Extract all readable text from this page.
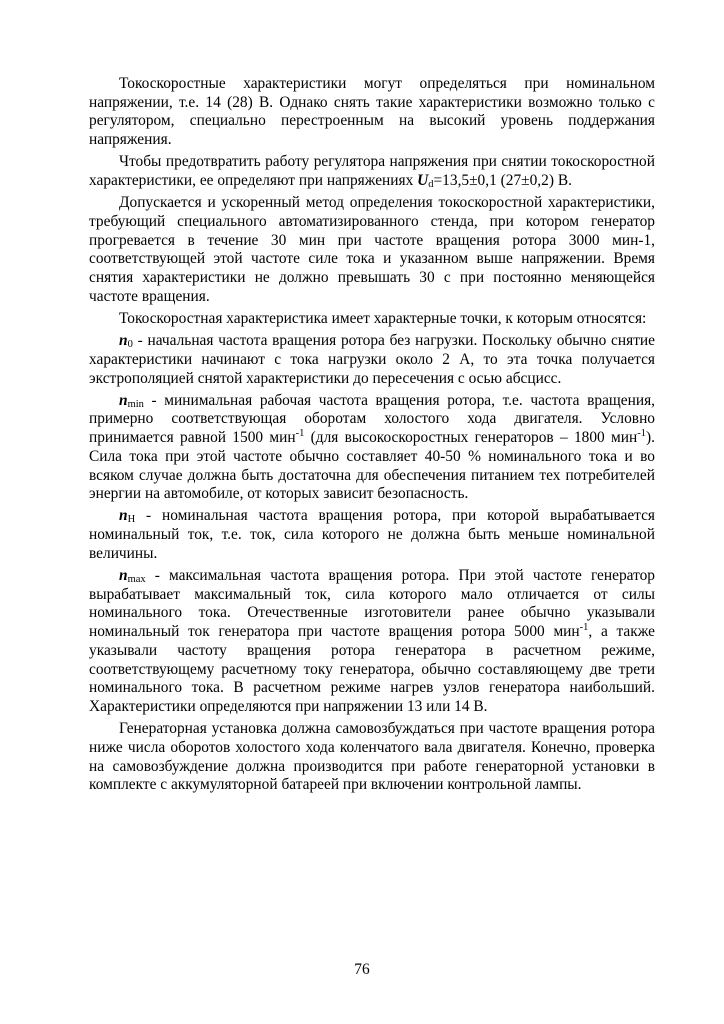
Токоскоростные характеристики могут определяться при номинальном напряжении, т.е. 14 (28) В. Однако снять такие характеристики возможно только с регулятором, специально перестроенным на высокий уровень поддержания напряжения.

Чтобы предотвратить работу регулятора напряжения при снятии токоскоростной характеристики, ее определяют при напряжениях $U_d=13,5\pm 0,1$ (27±0,2) В.

Допускается и ускоренный метод определения токоскоростной характеристики, требующий специального автоматизированного стенда, при котором генератор прогревается в течение 30 мин при частоте вращения ротора 3000 мин-1, соответствующей этой частоте силе тока и указанном выше напряжении. Время снятия характеристики не должно превышать 30 с при постоянно меняющейся частоте вращения.

Токоскоростная характеристика имеет характерные точки, к которым относятся:

$n_0$ - начальная частота вращения ротора без нагрузки. Поскольку обычно снятие характеристики начинают с тока нагрузки около 2 А, то эта точка получается экстрополяцией снятой характеристики до пересечения с осью абсцисс.

$n_{min}$ - минимальная рабочая частота вращения ротора, т.е. частота вращения, примерно соответствующая оборотам холостого хода двигателя. Условно принимается равной 1500 мин$^{-1}$ (для высокоскоростных генераторов – 1800 мин$^{-1}$). Сила тока при этой частоте обычно составляет 40-50 % номинального тока и во всяком случае должна быть достаточна для обеспечения питанием тех потребителей энергии на автомобиле, от которых зависит безопасность.

$n_Н$ - номинальная частота вращения ротора, при которой вырабатывается номинальный ток, т.е. ток, сила которого не должна быть меньше номинальной величины.

$n_{max}$ - максимальная частота вращения ротора. При этой частоте генератор вырабатывает максимальный ток, сила которого мало отличается от силы номинального тока. Отечественные изготовители ранее обычно указывали номинальный ток генератора при частоте вращения ротора 5000 мин$^{-1}$, а также указывали частоту вращения ротора генератора в расчетном режиме, соответствующему расчетному току генератора, обычно составляющему две трети номинального тока. В расчетном режиме нагрев узлов генератора наибольший. Характеристики определяются при напряжении 13 или 14 В.

Генераторная установка должна самовозбуждаться при частоте вращения ротора ниже числа оборотов холостого хода коленчатого вала двигателя. Конечно, проверка на самовозбуждение должна производится при работе генераторной установки в комплекте с аккумуляторной батареей при включении контрольной лампы.

76
